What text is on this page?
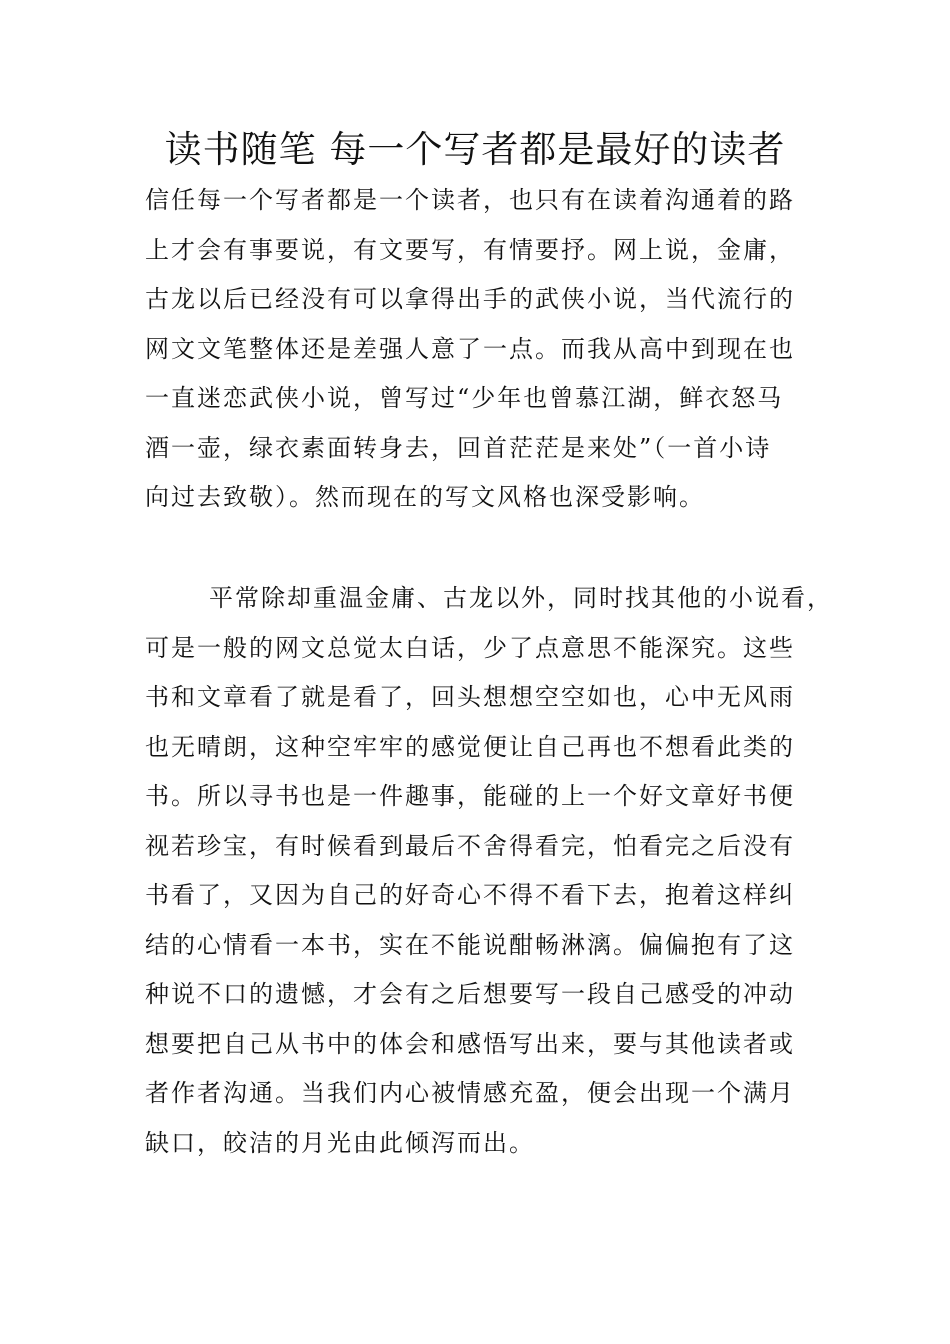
读书随笔 每一个写者都是最好的读者
信任每一个写者都是一个读者，也只有在读着沟通着的路
上才会有事要说，有文要写，有情要抒。网上说，金庸，
古龙以后已经没有可以拿得出手的武侠小说，当代流行的
网文文笔整体还是差强人意了一点。而我从高中到现在也
一直迷恋武侠小说，曾写过“少年也曾慕江湖，鲜衣怒马
酒一壶，绿衣素面转身去，回首茫茫是来处”（一首小诗
向过去致敬）。然而现在的写文风格也深受影响。
平常除却重温金庸、古龙以外，同时找其他的小说看，
可是一般的网文总觉太白话，少了点意思不能深究。这些
书和文章看了就是看了，回头想想空空如也，心中无风雨
也无晴朗，这种空牢牢的感觉便让自己再也不想看此类的
书。所以寻书也是一件趣事，能碰的上一个好文章好书便
视若珍宝，有时候看到最后不舍得看完，怕看完之后没有
书看了，又因为自己的好奇心不得不看下去，抱着这样纠
结的心情看一本书，实在不能说酣畅淋漓。偏偏抱有了这
种说不口的遗憾，才会有之后想要写一段自己感受的冲动
想要把自己从书中的体会和感悟写出来，要与其他读者或
者作者沟通。当我们内心被情感充盈，便会出现一个满月
缺口，皎洁的月光由此倾泻而出。
